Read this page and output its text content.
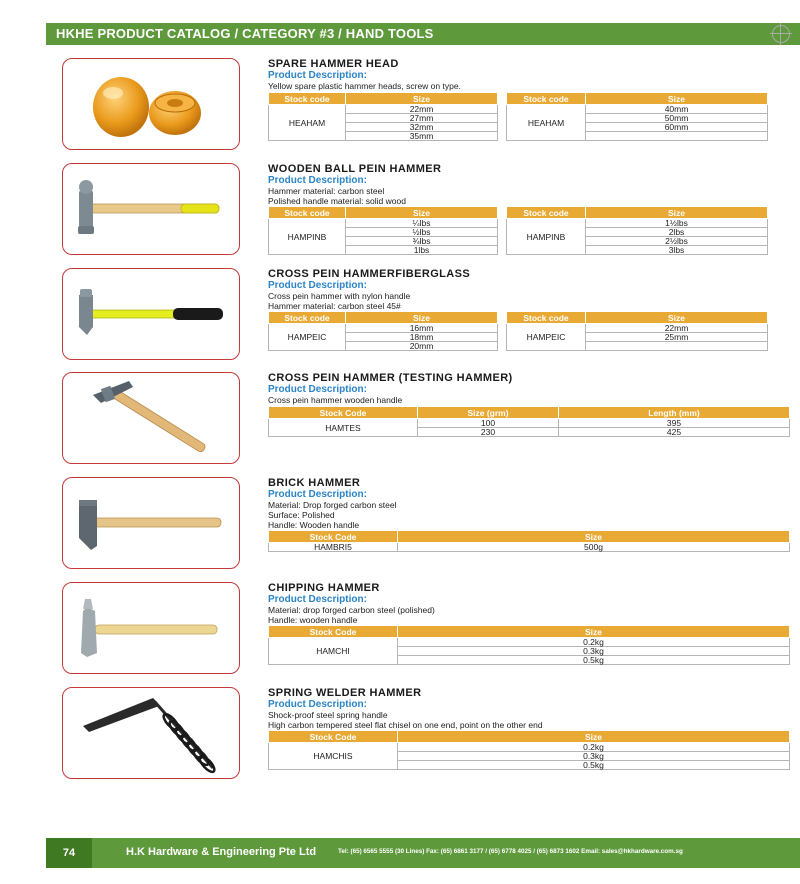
HKHE PRODUCT CATALOG / CATEGORY #3 / HAND TOOLS
SPARE HAMMER HEAD
Product Description:
Yellow spare plastic hammer heads, screw on type.
Stock code	Size
HEAHAM	22mm
	27mm
	32mm
	35mm
Stock code	Size
HEAHAM	40mm
	50mm
	60mm

WOODEN BALL PEIN HAMMER
Product Description:
Hammer material: carbon steel
Polished handle material: solid wood
Stock code	Size
HAMPINB	¼lbs
	½lbs
	¾lbs
	1lbs
Stock code	Size
HAMPINB	1½lbs
	2lbs
	2½lbs
	3lbs
CROSS PEIN HAMMERFIBERGLASS
Product Description:
Cross pein hammer with nylon handle
Hammer material: carbon steel 45#
Stock code	Size
HAMPEIC	16mm
	18mm
	20mm
Stock code	Size
HAMPEIC	22mm
	25mm

CROSS PEIN HAMMER (TESTING HAMMER)
Product Description:
Cross pein hammer wooden handle
Stock Code	Size (grm)	Length (mm)
HAMTES	100	395
	230	425
BRICK HAMMER
Product Description:
Material: Drop forged carbon steel
Surface: Polished
Handle: Wooden handle
Stock Code	Size
HAMBRI5	500g
CHIPPING HAMMER
Product Description:
Material: drop forged carbon steel (polished)
Handle: wooden handle
Stock Code	Size
HAMCHI	0.2kg
	0.3kg
	0.5kg
SPRING WELDER HAMMER
Product Description:
Shock-proof steel spring handle
High carbon tempered steel flat chisel on one end, point on the other end
Stock Code	Size
HAMCHIS	0.2kg
	0.3kg
	0.5kg
74	H.K Hardware & Engineering Pte Ltd	Tel: (65) 6565 5555 (30 Lines) Fax: (65) 6861 3177 / (65) 6778 4025 / (65) 6873 1602 Email: sales@hkhardware.com.sg
